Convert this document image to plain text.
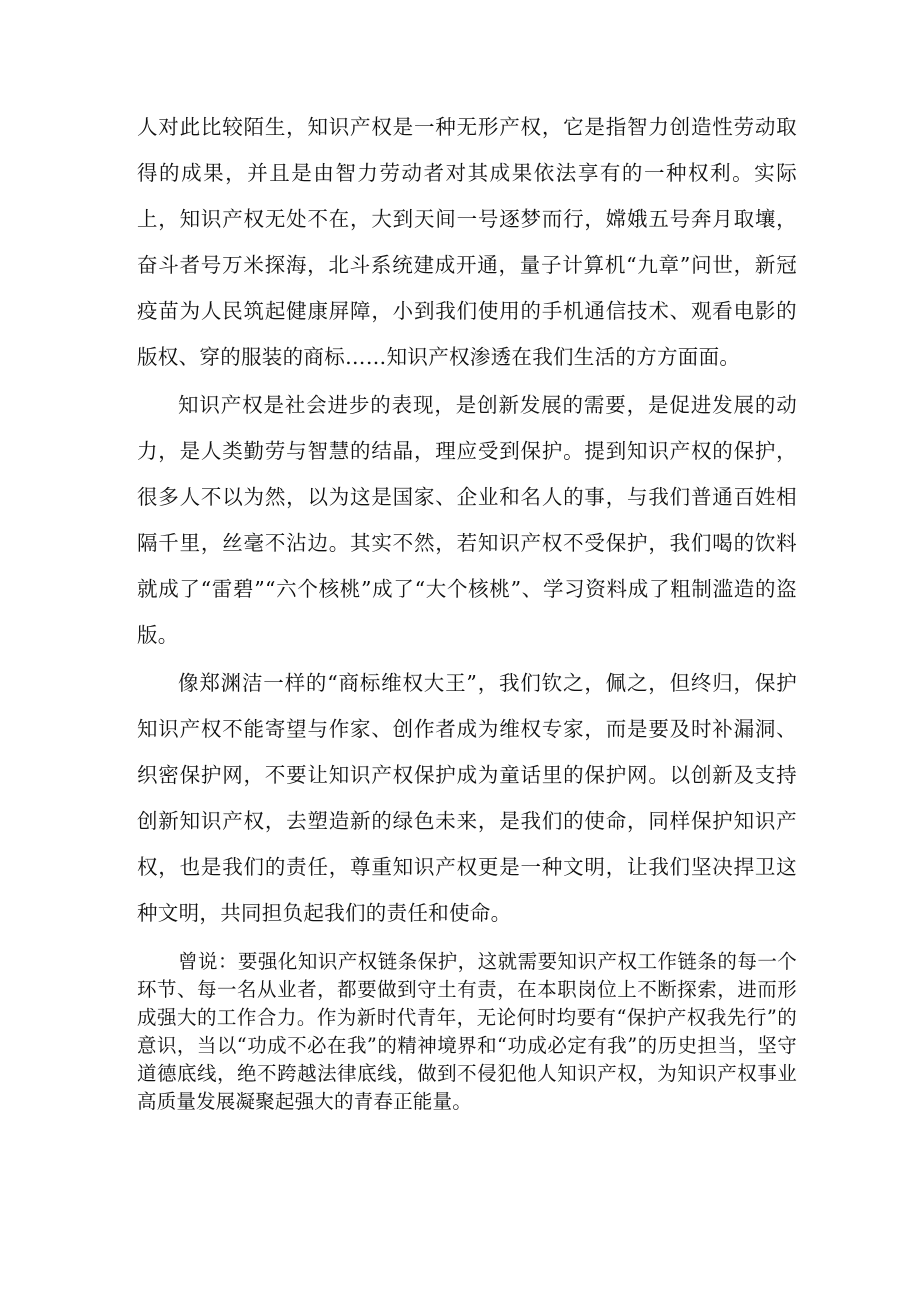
人对此比较陌生，知识产权是一种无形产权，它是指智力创造性劳动取得的成果，并且是由智力劳动者对其成果依法享有的一种权利。实际上，知识产权无处不在，大到天间一号逐梦而行，嫦娥五号奔月取壤，奋斗者号万米探海，北斗系统建成开通，量子计算机“九章”问世，新冠疫苗为人民筑起健康屏障，小到我们使用的手机通信技术、观看电影的版权、穿的服装的商标……知识产权渗透在我们生活的方方面面。

知识产权是社会进步的表现，是创新发展的需要，是促进发展的动力，是人类勤劳与智慧的结晶，理应受到保护。提到知识产权的保护，很多人不以为然，以为这是国家、企业和名人的事，与我们普通百姓相隔千里，丝毫不沾边。其实不然，若知识产权不受保护，我们喝的饮料就成了“雷碧”“六个核桃”成了“大个核桃”、学习资料成了粗制滥造的盗版。

像郑渊洁一样的“商标维权大王”，我们钦之，佩之，但终归，保护知识产权不能寄望与作家、创作者成为维权专家，而是要及时补漏洞、织密保护网，不要让知识产权保护成为童话里的保护网。以创新及支持创新知识产权，去塑造新的绿色未来，是我们的使命，同样保护知识产权，也是我们的责任，尊重知识产权更是一种文明，让我们坚决捍卫这种文明，共同担负起我们的责任和使命。

曾说：要强化知识产权链条保护，这就需要知识产权工作链条的每一个环节、每一名从业者，都要做到守土有责，在本职岗位上不断探索，进而形成强大的工作合力。作为新时代青年，无论何时均要有“保护产权我先行”的意识，当以“功成不必在我”的精神境界和“功成必定有我”的历史担当，坚守道德底线，绝不跨越法律底线，做到不侵犯他人知识产权，为知识产权事业高质量发展凝聚起强大的青春正能量。
